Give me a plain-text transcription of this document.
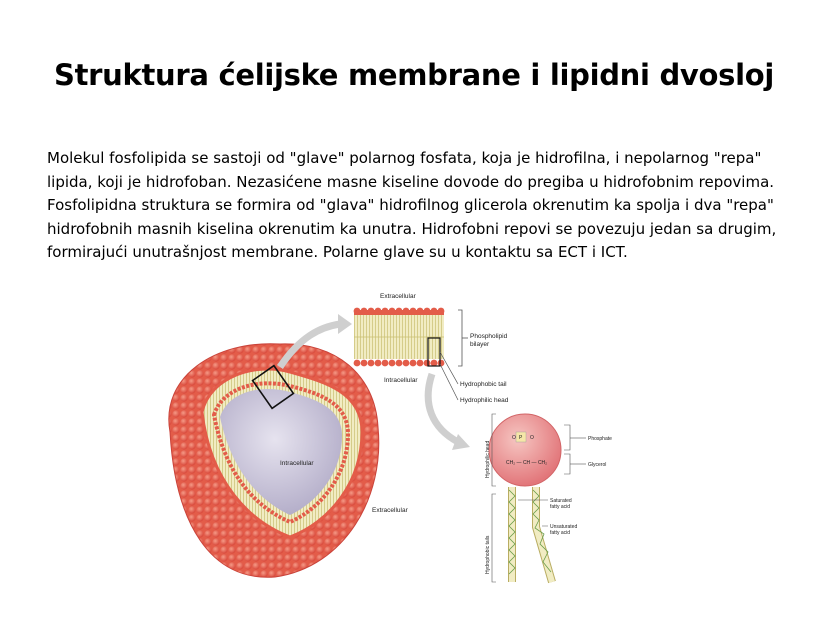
Struktura ćelijske membrane i lipidni dvosloj

Molekul fosfolipida se sastoji od "glave" polarnog fosfata, koja je hidrofilna, i nepolarnog "repa" lipida, koji je hidrofoban. Nezasićene masne kiseline dovode do pregiba u hidrofobnim repovima. Fosfolipidna struktura se formira od "glava" hidrofilnog glicerola okrenutim ka spolja i dva "repa" hidrofobnih masnih kiselina okrenutim ka unutra. Hidrofobni repovi se povezuju jedan sa drugim, formirajući unutrašnjost membrane. Polarne glave su u kontaktu sa ECT i ICT.

Intracellular
Extracellular
Extracellular
Intracellular
Phospholipid
bilayer
Hydrophobic tail
Hydrophilic head
O P O
CH₂ — CH — CH₂
Hydrophilic head
Hydrophobic tails
Phosphate
Glycerol
Saturated
fatty acid
Unsaturated
fatty acid
